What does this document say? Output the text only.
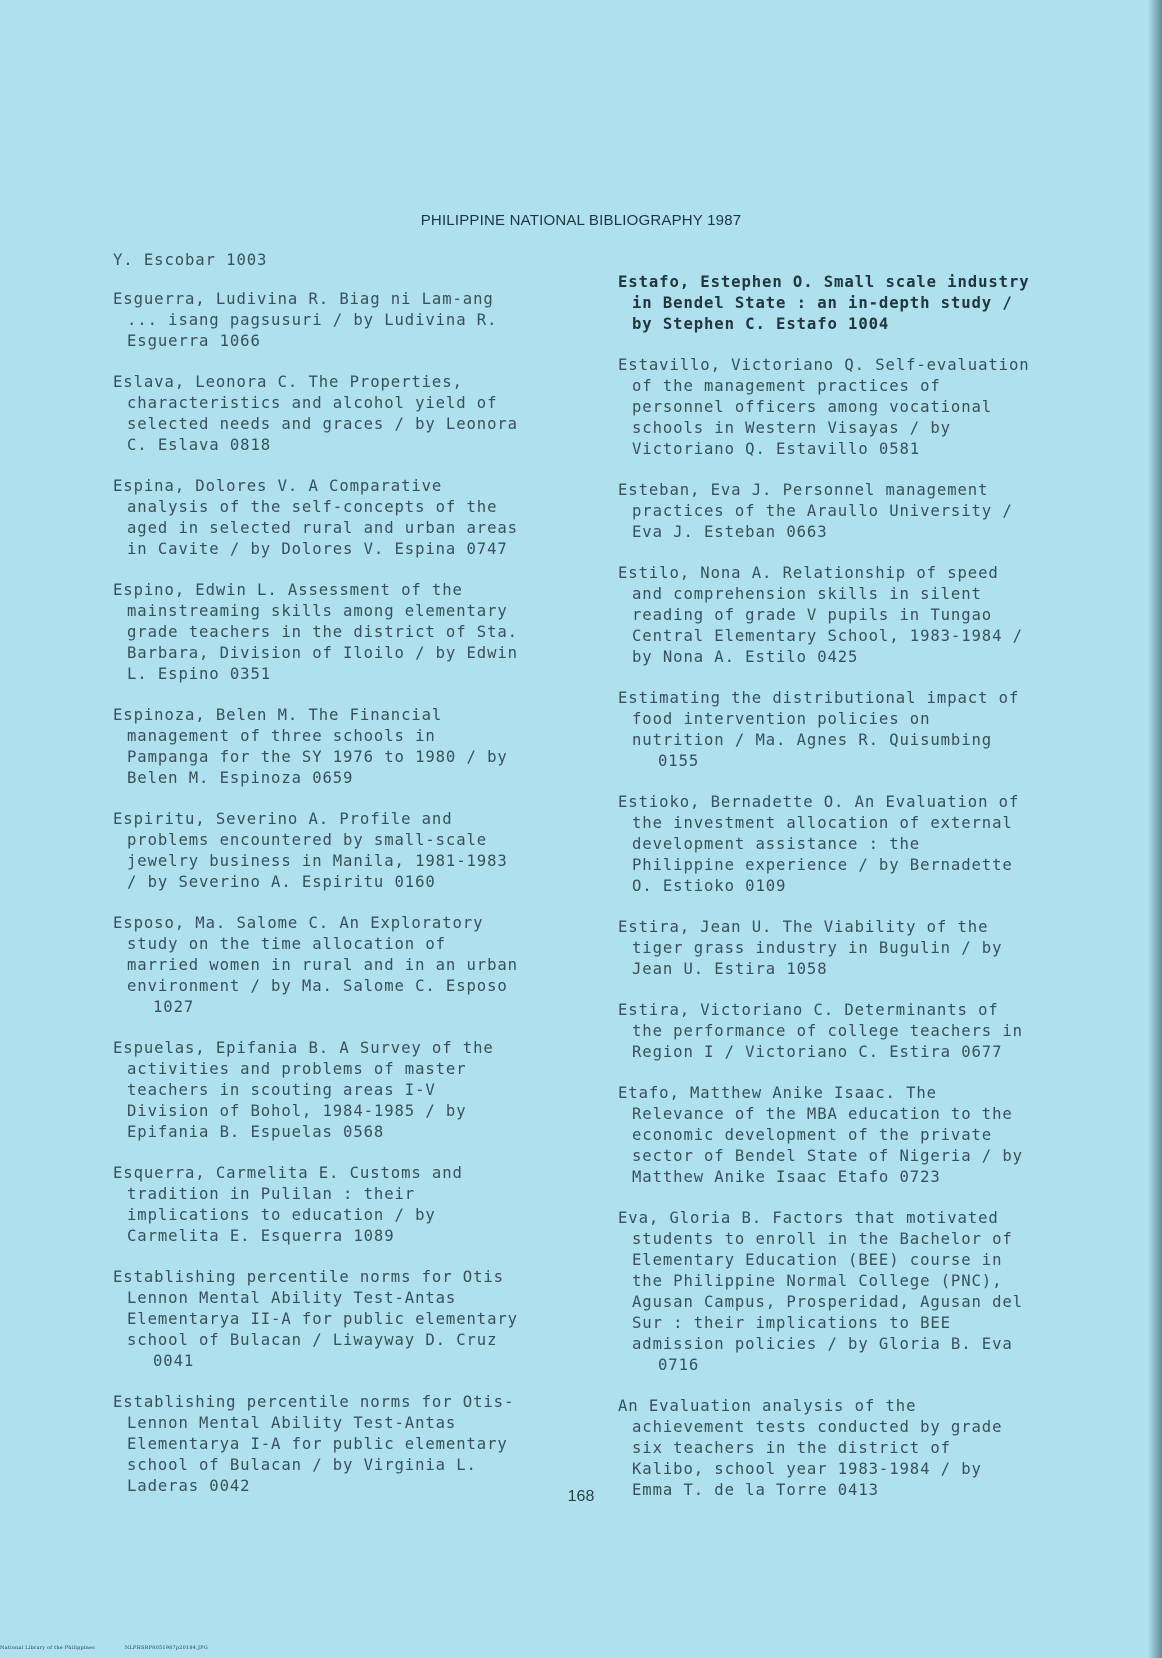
PHILIPPINE NATIONAL BIBLIOGRAPHY 1987
Y. Escobar 1003
Esguerra, Ludivina R. Biag ni Lam-ang
... isang pagsusuri / by Ludivina R.
Esguerra 1066
Eslava, Leonora C. The Properties,
characteristics and alcohol yield of
selected needs and graces / by Leonora
C. Eslava 0818
Espina, Dolores V. A Comparative
analysis of the self-concepts of the
aged in selected rural and urban areas
in Cavite / by Dolores V. Espina 0747
Espino, Edwin L. Assessment of the
mainstreaming skills among elementary
grade teachers in the district of Sta.
Barbara, Division of Iloilo / by Edwin
L. Espino 0351
Espinoza, Belen M. The Financial
management of three schools in
Pampanga for the SY 1976 to 1980 / by
Belen M. Espinoza 0659
Espiritu, Severino A. Profile and
problems encountered by small-scale
jewelry business in Manila, 1981-1983
/ by Severino A. Espiritu 0160
Esposo, Ma. Salome C. An Exploratory
study on the time allocation of
married women in rural and in an urban
environment / by Ma. Salome C. Esposo
1027
Espuelas, Epifania B. A Survey of the
activities and problems of master
teachers in scouting areas I-V
Division of Bohol, 1984-1985 / by
Epifania B. Espuelas 0568
Esquerra, Carmelita E. Customs and
tradition in Pulilan : their
implications to education / by
Carmelita E. Esquerra 1089
Establishing percentile norms for Otis
Lennon Mental Ability Test-Antas
Elementarya II-A for public elementary
school of Bulacan / Liwayway D. Cruz
0041
Establishing percentile norms for Otis-
Lennon Mental Ability Test-Antas
Elementarya I-A for public elementary
school of Bulacan / by Virginia L.
Laderas 0042
Estafo, Estephen O. Small scale industry
in Bendel State : an in-depth study /
by Stephen C. Estafo 1004
Estavillo, Victoriano Q. Self-evaluation
of the management practices of
personnel officers among vocational
schools in Western Visayas / by
Victoriano Q. Estavillo 0581
Esteban, Eva J. Personnel management
practices of the Araullo University /
Eva J. Esteban 0663
Estilo, Nona A. Relationship of speed
and comprehension skills in silent
reading of grade V pupils in Tungao
Central Elementary School, 1983-1984 /
by Nona A. Estilo 0425
Estimating the distributional impact of
food intervention policies on
nutrition / Ma. Agnes R. Quisumbing
0155
Estioko, Bernadette O. An Evaluation of
the investment allocation of external
development assistance : the
Philippine experience / by Bernadette
O. Estioko 0109
Estira, Jean U. The Viability of the
tiger grass industry in Bugulin / by
Jean U. Estira 1058
Estira, Victoriano C. Determinants of
the performance of college teachers in
Region I / Victoriano C. Estira 0677
Etafo, Matthew Anike Isaac. The
Relevance of the MBA education to the
economic development of the private
sector of Bendel State of Nigeria / by
Matthew Anike Isaac Etafo 0723
Eva, Gloria B. Factors that motivated
students to enroll in the Bachelor of
Elementary Education (BEE) course in
the Philippine Normal College (PNC),
Agusan Campus, Prosperidad, Agusan del
Sur : their implications to BEE
admission policies / by Gloria B. Eva
0716
An Evaluation analysis of the
achievement tests conducted by grade
six teachers in the district of
Kalibo, school year 1983-1984 / by
Emma T. de la Torre 0413
168
National Library of the Philippines	NLPHSRP8051987p20184.JPG
